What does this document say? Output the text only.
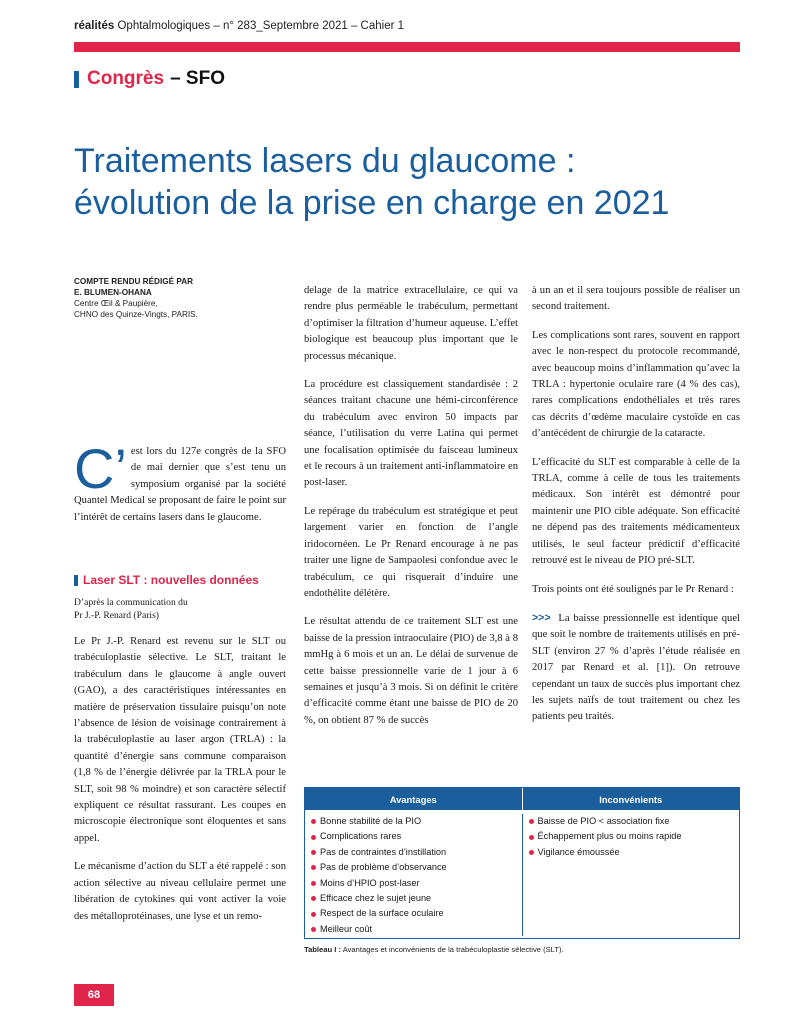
réalités Ophtalmologiques – n° 283_Septembre 2021 – Cahier 1
Congrès – SFO
Traitements lasers du glaucome :
évolution de la prise en charge en 2021
COMPTE RENDU RÉDIGÉ PAR
E. BLUMEN-OHANA
Centre Œil & Paupière,
CHNO des Quinze-Vingts, PARIS.
C’ est lors du 127e congrès de la SFO de mai dernier que s’est tenu un symposium organisé par la société Quantel Medical se proposant de faire le point sur l’intérêt de certains lasers dans le glaucome.
Laser SLT : nouvelles données

D’après la communication du
Pr J.-P. Renard (Paris)

Le Pr J.-P. Renard est revenu sur le SLT ou trabéculoplastie sélective. Le SLT, traitant le trabéculum dans le glaucome à angle ouvert (GAO), a des caractéristiques intéressantes en matière de préservation tissulaire puisqu’on note l’absence de lésion de voisinage contrairement à la trabéculoplastie au laser argon (TRLA) : la quantité d’énergie sans commune comparaison (1,8 % de l’énergie délivrée par la TRLA pour le SLT, soit 98 % moindre) et son caractère sélectif expliquent ce résultat rassurant. Les coupes en microscopie électronique sont éloquentes et sans appel.

Le mécanisme d’action du SLT a été rappelé : son action sélective au niveau cellulaire permet une libération de cytokines qui vont activer la voie des métalloprotéinases, une lyse et un remo-

delage de la matrice extracellulaire, ce qui va rendre plus perméable le trabéculum, permettant d’optimiser la filtration d’humeur aqueuse. L’effet biologique est beaucoup plus important que le processus mécanique.

La procédure est classiquement standardisée : 2 séances traitant chacune une hémi-circonférence du trabéculum avec environ 50 impacts par séance, l’utilisation du verre Latina qui permet une focalisation optimisée du faisceau lumineux et le recours à un traitement anti-inflammatoire en post-laser.

Le repérage du trabéculum est stratégique et peut largement varier en fonction de l’angle iridocornéen. Le Pr Renard encourage à ne pas traiter une ligne de Sampaolesi confondue avec le trabéculum, ce qui risquerait d’induire une endothélite délétère.

Le résultat attendu de ce traitement SLT est une baisse de la pression intraoculaire (PIO) de 3,8 à 8 mmHg à 6 mois et un an. Le délai de survenue de cette baisse pressionnelle varie de 1 jour à 6 semaines et jusqu’à 3 mois. Si on définit le critère d’efficacité comme étant une baisse de PIO de 20 %, on obtient 87 % de succès

à un an et il sera toujours possible de réaliser un second traitement.

Les complications sont rares, souvent en rapport avec le non-respect du protocole recommandé, avec beaucoup moins d’inflammation qu’avec la TRLA : hypertonie oculaire rare (4 % des cas), rares complications endothéliales et très rares cas décrits d’œdème maculaire cystoïde en cas d’antécédent de chirurgie de la cataracte.

L’efficacité du SLT est comparable à celle de la TRLA, comme à celle de tous les traitements médicaux. Son intérêt est démontré pour maintenir une PIO cible adéquate. Son efficacité ne dépend pas des traitements médicamenteux utilisés, le seul facteur prédictif d’efficacité retrouvé est le niveau de PIO pré-SLT.

Trois points ont été soulignés par le Pr Renard :

>>> La baisse pressionnelle est identique quel que soit le nombre de traitements utilisés en pré-SLT (environ 27 % d’après l’étude réalisée en 2017 par Renard et al. [1]). On retrouve cependant un taux de succès plus important chez les sujets naïfs de tout traitement ou chez les patients peu traités.

Avantages	Inconvénients
Bonne stabilité de la PIO
Complications rares
Pas de contraintes d’instillation
Pas de problème d’observance
Moins d’HPIO post-laser
Efficace chez le sujet jeune
Respect de la surface oculaire
Meilleur coût
Baisse de PIO < association fixe
Échappement plus ou moins rapide
Vigilance émoussée
Tableau I : Avantages et inconvénients de la trabéculoplastie sélective (SLT).
68
